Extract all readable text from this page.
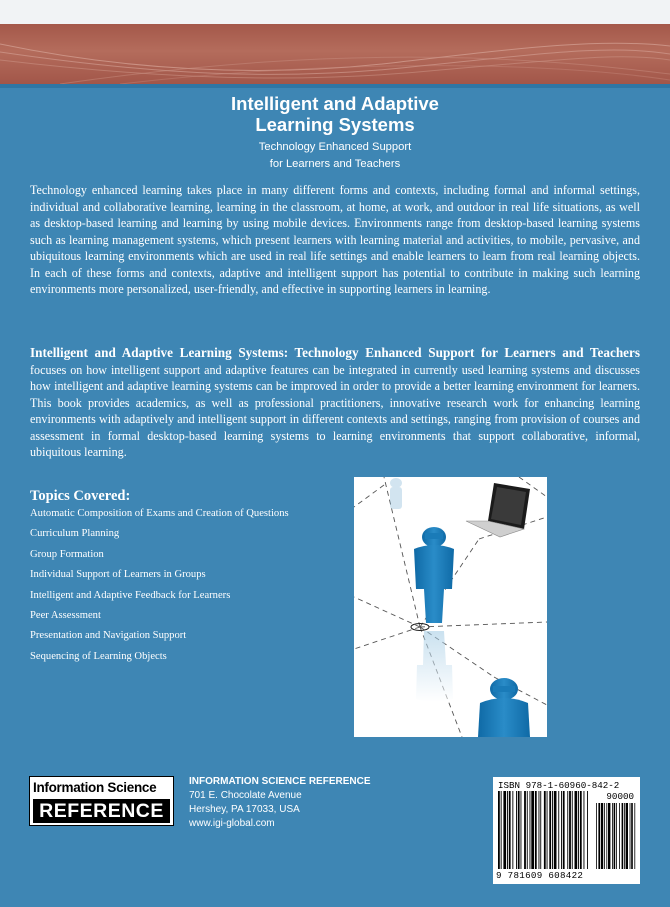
Intelligent and Adaptive
Learning Systems

Technology Enhanced Support
for Learners and Teachers

Technology enhanced learning takes place in many different forms and contexts, including formal and informal settings, individual and collaborative learning, learning in the classroom, at home, at work, and outdoor in real life situations, as well as desktop-based learning and learning by using mobile devices. Environments range from desktop-based learning systems such as learning management systems, which present learners with learning material and activities, to mobile, pervasive, and ubiquitous learning environments which are used in real life settings and enable learners to learn from real learning objects. In each of these forms and contexts, adaptive and intelligent support has potential to contribute in making such learning environments more personalized, user-friendly, and effective in supporting learners in learning.

Intelligent and Adaptive Learning Systems: Technology Enhanced Support for Learners and Teachers focuses on how intelligent support and adaptive features can be integrated in currently used learning systems and discusses how intelligent and adaptive learning systems can be improved in order to provide a better learning environment for learners. This book provides academics, as well as professional practitioners, innovative research work for enhancing learning environments with adaptively and intelligent support in different contexts and settings, ranging from provision of courses and assessment in formal desktop-based learning systems to learning environments that support collaborative, informal, ubiquitous learning.

Topics Covered:
Automatic Composition of Exams and Creation of Questions
Curriculum Planning
Group Formation
Individual Support of Learners in Groups
Intelligent and Adaptive Feedback for Learners
Peer Assessment
Presentation and Navigation Support
Sequencing of Learning Objects
Information Science
REFERENCE
INFORMATION SCIENCE REFERENCE
701 E. Chocolate Avenue
Hershey, PA 17033, USA
www.igi-global.com
ISBN 978-1-60960-842-2
90000
9 781609 608422
